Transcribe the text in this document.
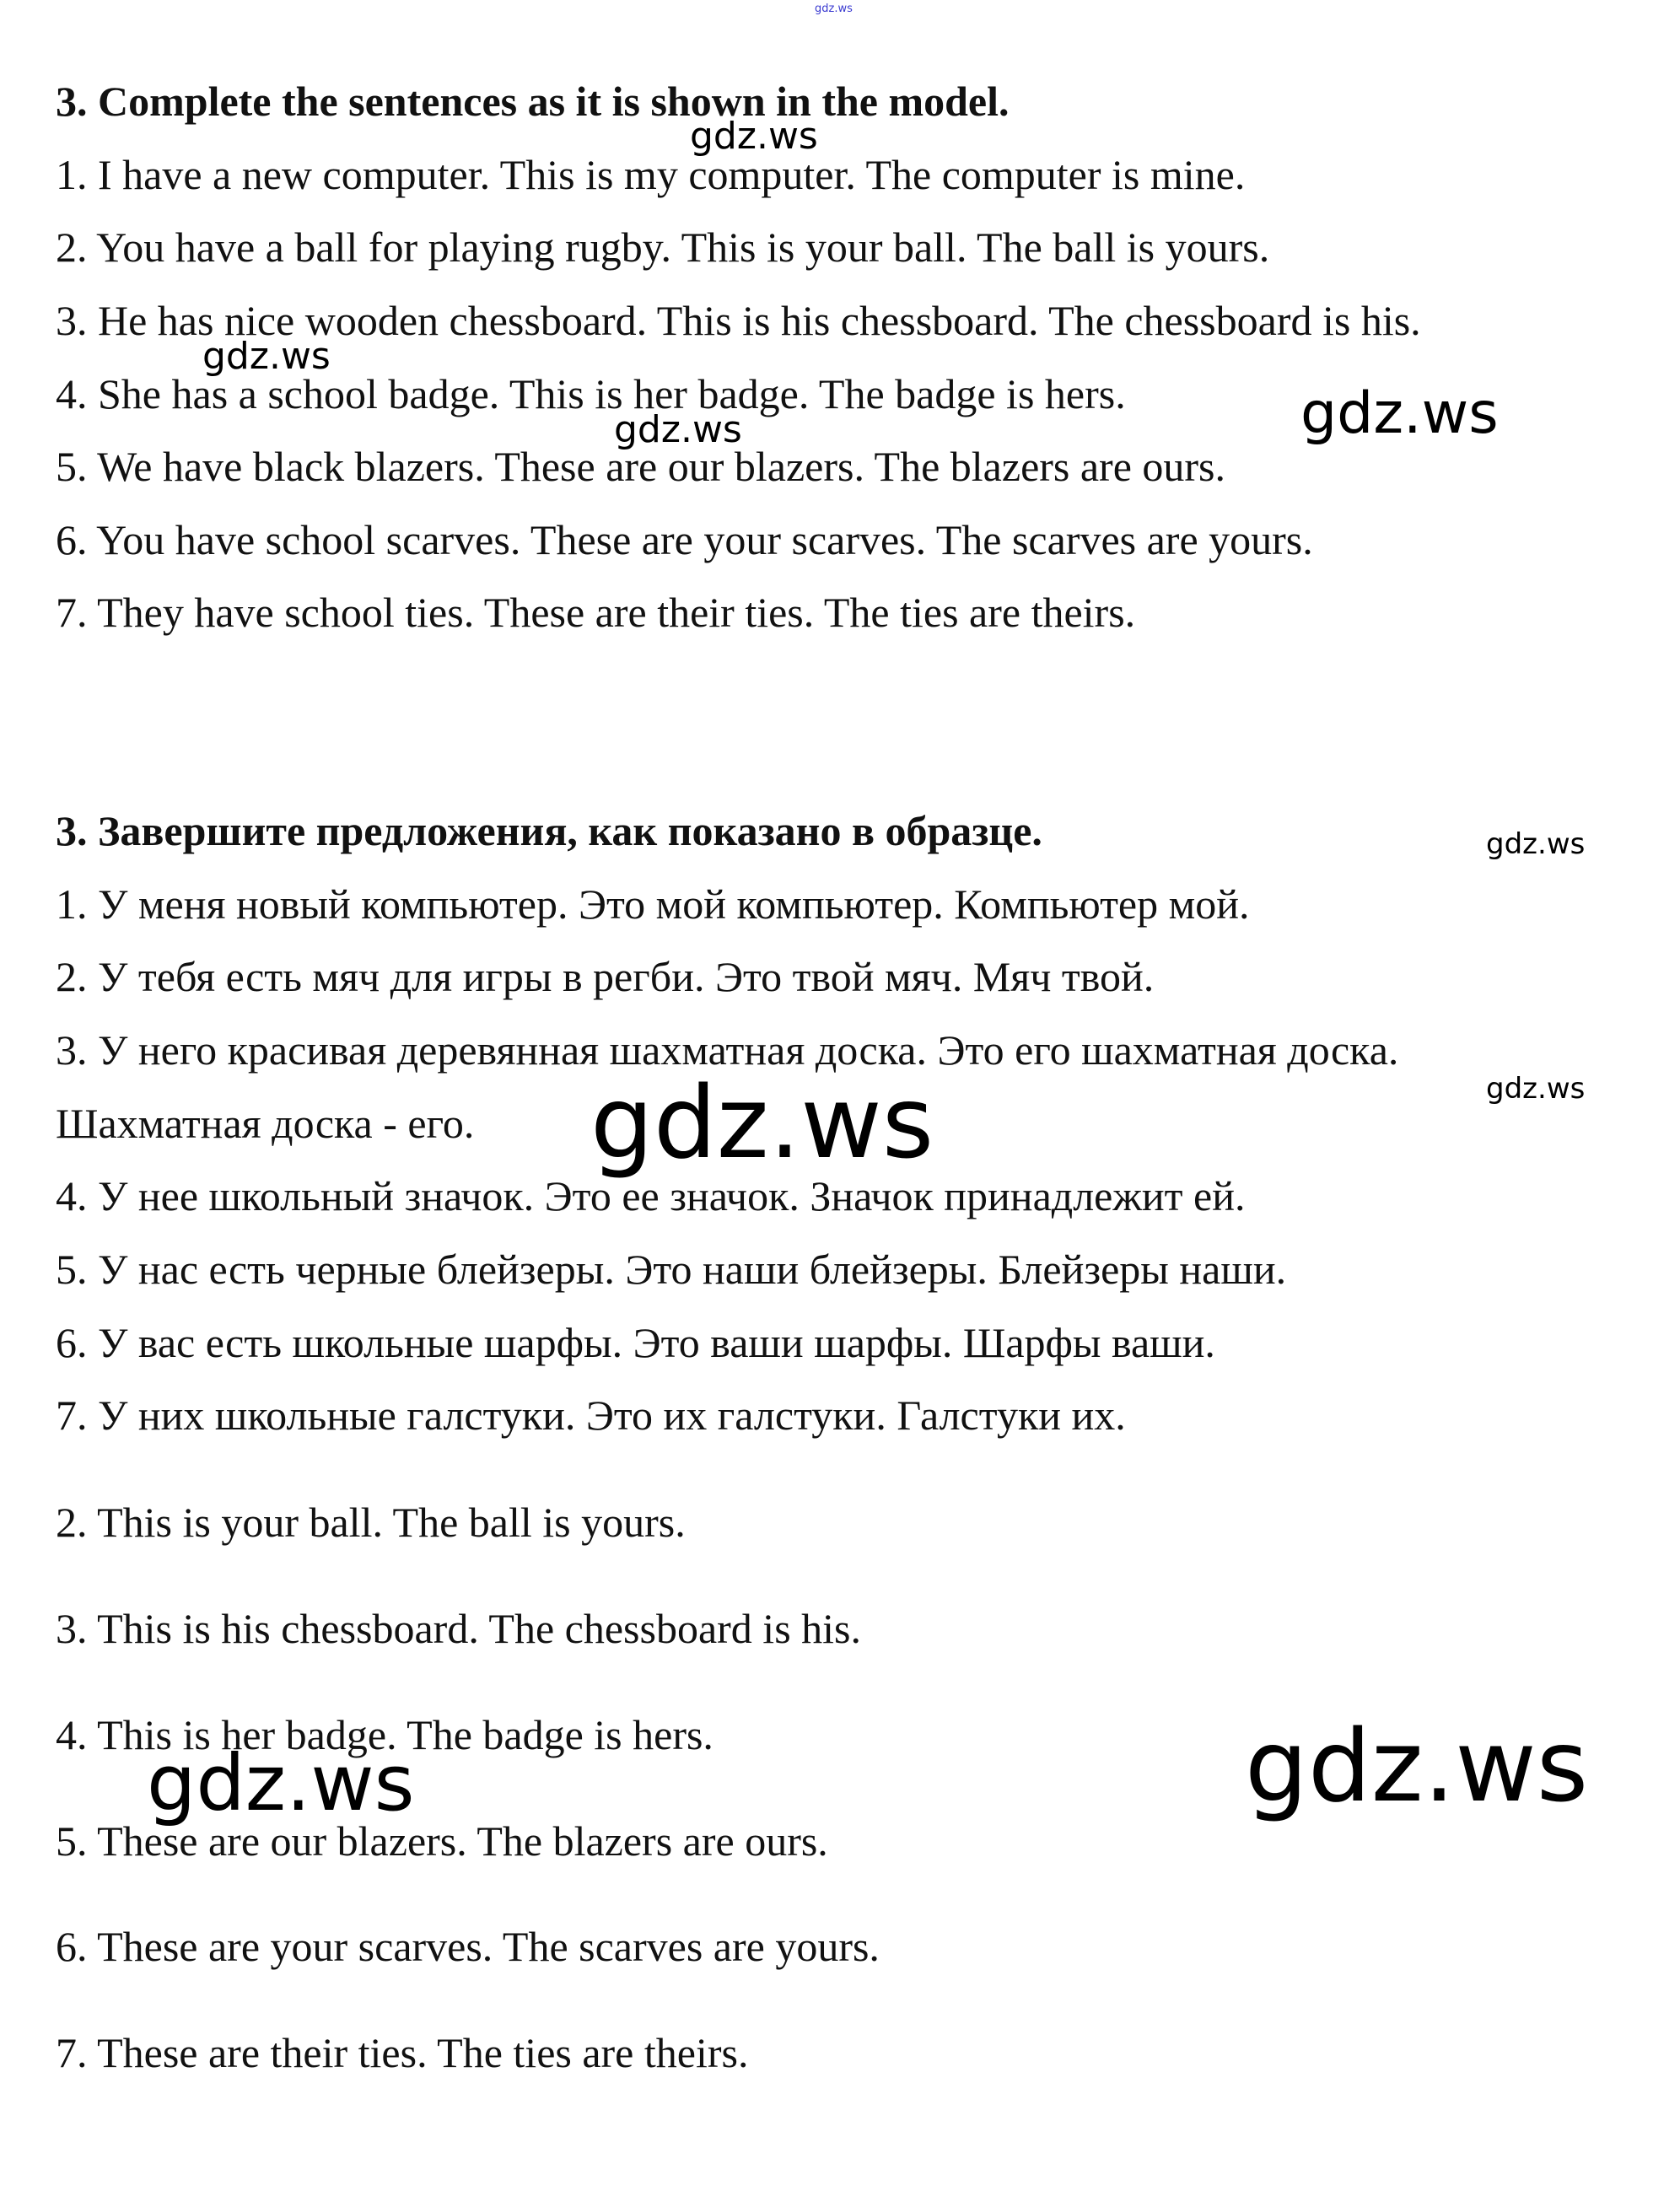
gdz.ws

3. Complete the sentences as it is shown in the model.

1. I have a new computer. This is my computer. The computer is mine.

2. You have a ball for playing rugby. This is your ball. The ball is yours.

3. He has nice wooden chessboard. This is his chessboard. The chessboard is his.

4. She has a school badge. This is her badge. The badge is hers.

5. We have black blazers. These are our blazers. The blazers are ours.

6. You have school scarves. These are your scarves. The scarves are yours.

7. They have school ties. These are their ties. The ties are theirs.

3. Завершите предложения, как показано в образце.

1. У меня новый компьютер. Это мой компьютер. Компьютер мой.

2. У тебя есть мяч для игры в регби. Это твой мяч. Мяч твой.

3. У него красивая деревянная шахматная доска. Это его шахматная доска.

Шахматная доска - его.

4. У нее школьный значок. Это ее значок. Значок принадлежит ей.

5. У нас есть черные блейзеры. Это наши блейзеры. Блейзеры наши.

6. У вас есть школьные шарфы. Это ваши шарфы. Шарфы ваши.

7. У них школьные галстуки. Это их галстуки. Галстуки их.

2. This is your ball. The ball is yours.

3. This is his chessboard. The chessboard is his.

4. This is her badge. The badge is hers.

5. These are our blazers. The blazers are ours.

6. These are your scarves. The scarves are yours.

7. These are their ties. The ties are theirs.

gdz.ws
gdz.ws
gdz.ws	gdz.ws
gdz.ws
gdz.ws
gdz.ws
gdz.ws
gdz.ws
